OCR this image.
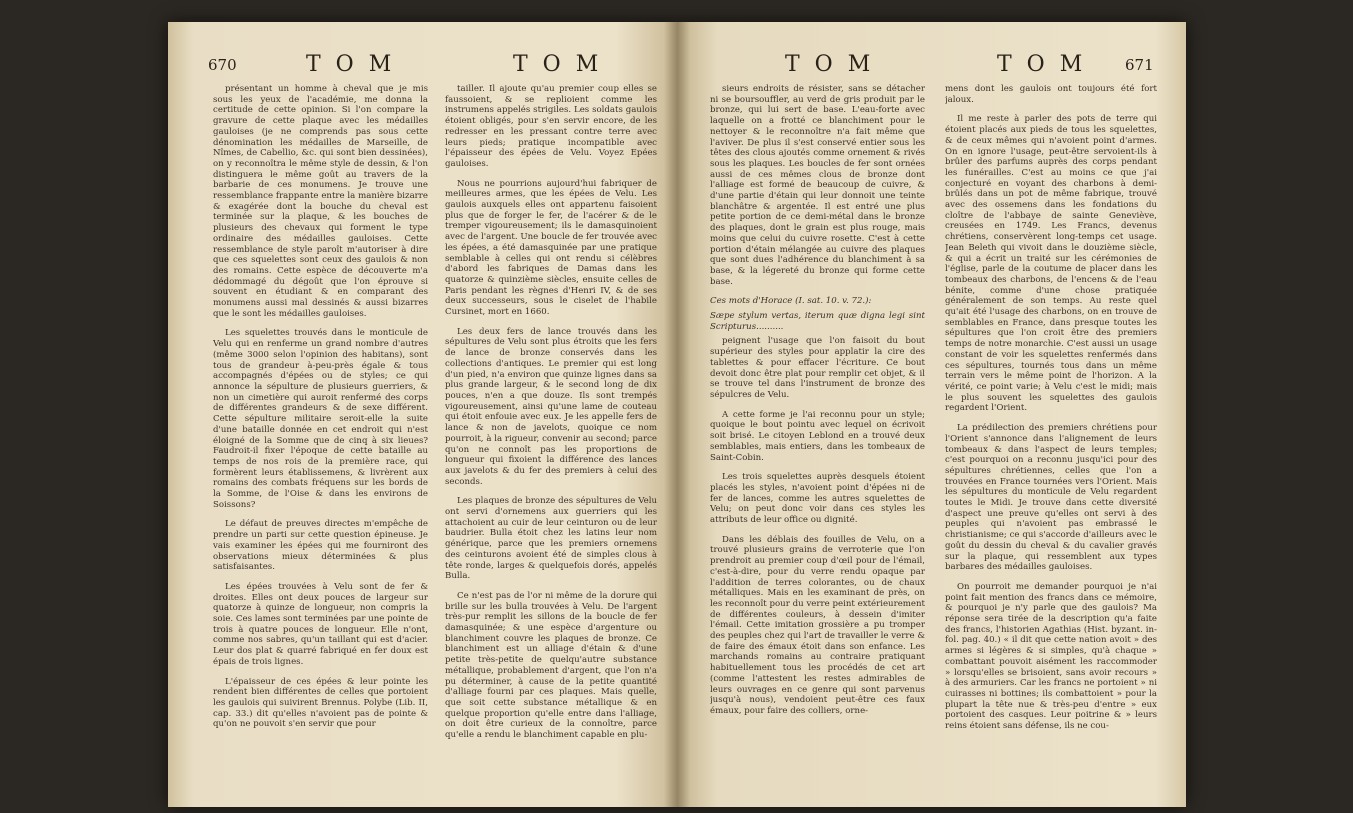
670	T O M	T O M

présentant un homme à cheval que je mis sous les yeux de l'académie, me donna la certitude de cette opinion. Si l'on compare la gravure de cette plaque avec les médailles gauloises (je ne comprends pas sous cette dénomination les médailles de Marseille, de Nîmes, de Cabellio, &c. qui sont bien dessinées), on y reconnoîtra le même style de dessin, & l'on distinguera le même goût au travers de la barbarie de ces monumens. Je trouve une ressemblance frappante entre la manière bizarre & exagérée dont la bouche du cheval est terminée sur la plaque, & les bouches de plusieurs des chevaux qui forment le type ordinaire des médailles gauloises. Cette ressemblance de style paroît m'autoriser à dire que ces squelettes sont ceux des gaulois & non des romains. Cette espèce de découverte m'a dédommagé du dégoût que l'on éprouve si souvent en étudiant & en comparant des monumens aussi mal dessinés & aussi bizarres que le sont les médailles gauloises.

Les squelettes trouvés dans le monticule de Velu qui en renferme un grand nombre d'autres (même 3000 selon l'opinion des habitans), sont tous de grandeur à-peu-près égale & tous accompagnés d'épées ou de styles; ce qui annonce la sépulture de plusieurs guerriers, & non un cimetière qui auroit renfermé des corps de différentes grandeurs & de sexe différent. Cette sépulture militaire seroit-elle la suite d'une bataille donnée en cet endroit qui n'est éloigné de la Somme que de cinq à six lieues? Faudroit-il fixer l'époque de cette bataille au temps de nos rois de la première race, qui formèrent leurs établissemens, & livrèrent aux romains des combats fréquens sur les bords de la Somme, de l'Oise & dans les environs de Soissons?

Le défaut de preuves directes m'empêche de prendre un parti sur cette question épineuse. Je vais examiner les épées qui me fourniront des observations mieux déterminées & plus satisfaisantes.

Les épées trouvées à Velu sont de fer & droites. Elles ont deux pouces de largeur sur quatorze à quinze de longueur, non compris la soie. Ces lames sont terminées par une pointe de trois à quatre pouces de longueur. Elle n'ont, comme nos sabres, qu'un taillant qui est d'acier. Leur dos plat & quarré fabriqué en fer doux est épais de trois lignes.

L'épaisseur de ces épées & leur pointe les rendent bien différentes de celles que portoient les gaulois qui suivirent Brennus. Polybe (Lib. II, cap. 33.) dit qu'elles n'avoient pas de pointe & qu'on ne pouvoit s'en servir que pour

tailler. Il ajoute qu'au premier coup elles se faussoient, & se replioient comme les instrumens appelés strigiles. Les soldats gaulois étoient obligés, pour s'en servir encore, de les redresser en les pressant contre terre avec leurs pieds; pratique incompatible avec l'épaisseur des épées de Velu. Voyez Epées gauloises.

Nous ne pourrions aujourd'hui fabriquer de meilleures armes, que les épées de Velu. Les gaulois auxquels elles ont appartenu faisoient plus que de forger le fer, de l'acérer & de le tremper vigoureusement; ils le damasquinoient avec de l'argent. Une boucle de fer trouvée avec les épées, a été damasquinée par une pratique semblable à celles qui ont rendu si célèbres d'abord les fabriques de Damas dans les quatorze & quinzième siècles, ensuite celles de Paris pendant les règnes d'Henri IV, & de ses deux successeurs, sous le ciselet de l'habile Cursinet, mort en 1660.

Les deux fers de lance trouvés dans les sépultures de Velu sont plus étroits que les fers de lance de bronze conservés dans les collections d'antiques. Le premier qui est long d'un pied, n'a environ que quinze lignes dans sa plus grande largeur, & le second long de dix pouces, n'en a que douze. Ils sont trempés vigoureusement, ainsi qu'une lame de couteau qui étoit enfouie avec eux. Je les appelle fers de lance & non de javelots, quoique ce nom pourroit, à la rigueur, convenir au second; parce qu'on ne connoît pas les proportions de longueur qui fixoient la différence des lances aux javelots & du fer des premiers à celui des seconds.

Les plaques de bronze des sépultures de Velu ont servi d'ornemens aux guerriers qui les attachoient au cuir de leur ceinturon ou de leur baudrier. Bulla étoit chez les latins leur nom générique, parce que les premiers ornemens des ceinturons avoient été de simples clous à tête ronde, larges & quelquefois dorés, appelés Bulla.

Ce n'est pas de l'or ni même de la dorure qui brille sur les bulla trouvées à Velu. De l'argent très-pur remplit les sillons de la boucle de fer damasquinée; & une espèce d'argenture ou blanchiment couvre les plaques de bronze. Ce blanchiment est un alliage d'étain & d'une petite très-petite de quelqu'autre substance métallique, probablement d'argent, que l'on n'a pu déterminer, à cause de la petite quantité d'alliage fourni par ces plaques. Mais quelle, que soit cette substance métallique & en quelque proportion qu'elle entre dans l'alliage, on doit être curieux de la connoître, parce qu'elle a rendu le blanchiment capable en plu-

T O M	T O M	671

sieurs endroits de résister, sans se détacher ni se boursouffler, au verd de gris produit par le bronze, qui lui sert de base. L'eau-forte avec laquelle on a frotté ce blanchiment pour le nettoyer & le reconnoître n'a fait même que l'aviver. De plus il s'est conservé entier sous les têtes des clous ajoutés comme ornement & rivés sous les plaques. Les boucles de fer sont ornées aussi de ces mêmes clous de bronze dont l'alliage est formé de beaucoup de cuivre, & d'une partie d'étain qui leur donnoit une teinte blanchâtre & argentée. Il est entré une plus petite portion de ce demi-métal dans le bronze des plaques, dont le grain est plus rouge, mais moins que celui du cuivre rosette. C'est à cette portion d'étain mélangée au cuivre des plaques que sont dues l'adhérence du blanchiment à sa base, & la légereté du bronze qui forme cette base.

Ces mots d'Horace (I. sat. 10. v. 72.):

Sæpe stylum vertas, iterum quæ digna legi sint Scripturus..........

peignent l'usage que l'on faisoit du bout supérieur des styles pour applatir la cire des tablettes & pour effacer l'écriture. Ce bout devoit donc être plat pour remplir cet objet, & il se trouve tel dans l'instrument de bronze des sépulcres de Velu.

A cette forme je l'ai reconnu pour un style; quoique le bout pointu avec lequel on écrivoit soit brisé. Le citoyen Leblond en a trouvé deux semblables, mais entiers, dans les tombeaux de Saint-Cobin.

Les trois squelettes auprès desquels étoient placés les styles, n'avoient point d'épées ni de fer de lances, comme les autres squelettes de Velu; on peut donc voir dans ces styles les attributs de leur office ou dignité.

Dans les déblais des fouilles de Velu, on a trouvé plusieurs grains de verroterie que l'on prendroit au premier coup d'œil pour de l'émail, c'est-à-dire, pour du verre rendu opaque par l'addition de terres colorantes, ou de chaux métalliques. Mais en les examinant de près, on les reconnoît pour du verre peint extérieurement de différentes couleurs, à dessein d'imiter l'émail. Cette imitation grossière a pu tromper des peuples chez qui l'art de travailler le verre & de faire des émaux étoit dans son enfance. Les marchands romains au contraire pratiquant habituellement tous les procédés de cet art (comme l'attestent les restes admirables de leurs ouvrages en ce genre qui sont parvenus jusqu'à nous), vendoient peut-être ces faux émaux, pour faire des colliers, orne-

mens dont les gaulois ont toujours été fort jaloux.

Il me reste à parler des pots de terre qui étoient placés aux pieds de tous les squelettes, & de ceux mêmes qui n'avoient point d'armes. On en ignore l'usage, peut-être servoient-ils à brûler des parfums auprès des corps pendant les funérailles. C'est au moins ce que j'ai conjecturé en voyant des charbons à demi-brûlés dans un pot de même fabrique, trouvé avec des ossemens dans les fondations du cloître de l'abbaye de sainte Geneviève, creusées en 1749. Les Francs, devenus chrétiens, conservèrent long-temps cet usage. Jean Beleth qui vivoit dans le douzième siècle, & qui a écrit un traité sur les cérémonies de l'église, parle de la coutume de placer dans les tombeaux des charbons, de l'encens & de l'eau bénite, comme d'une chose pratiquée généralement de son temps. Au reste quel qu'ait été l'usage des charbons, on en trouve de semblables en France, dans presque toutes les sépultures que l'on croit être des premiers temps de notre monarchie. C'est aussi un usage constant de voir les squelettes renfermés dans ces sépultures, tournés tous dans un même terrain vers le même point de l'horizon. A la vérité, ce point varie; à Velu c'est le midi; mais le plus souvent les squelettes des gaulois regardent l'Orient.

La prédilection des premiers chrétiens pour l'Orient s'annonce dans l'alignement de leurs tombeaux & dans l'aspect de leurs temples; c'est pourquoi on a reconnu jusqu'ici pour des sépultures chrétiennes, celles que l'on a trouvées en France tournées vers l'Orient. Mais les sépultures du monticule de Velu regardent toutes le Midi. Je trouve dans cette diversité d'aspect une preuve qu'elles ont servi à des peuples qui n'avoient pas embrassé le christianisme; ce qui s'accorde d'ailleurs avec le goût du dessin du cheval & du cavalier gravés sur la plaque, qui ressemblent aux types barbares des médailles gauloises.

On pourroit me demander pourquoi je n'ai point fait mention des francs dans ce mémoire, & pourquoi je n'y parle que des gaulois? Ma réponse sera tirée de la description qu'a faite des francs, l'historien Agathias (Hist. byzant. in-fol. pag. 40.) « il dit que cette nation avoit » des armes si légères & si simples, qu'à chaque » combattant pouvoit aisément les raccommoder » lorsqu'elles se brisoient, sans avoir recours » à des armuriers. Car les francs ne portoient » ni cuirasses ni bottines; ils combattoient » pour la plupart la tête nue & très-peu d'entre » eux portoient des casques. Leur poitrine & » leurs reins étoient sans défense, ils ne cou-
